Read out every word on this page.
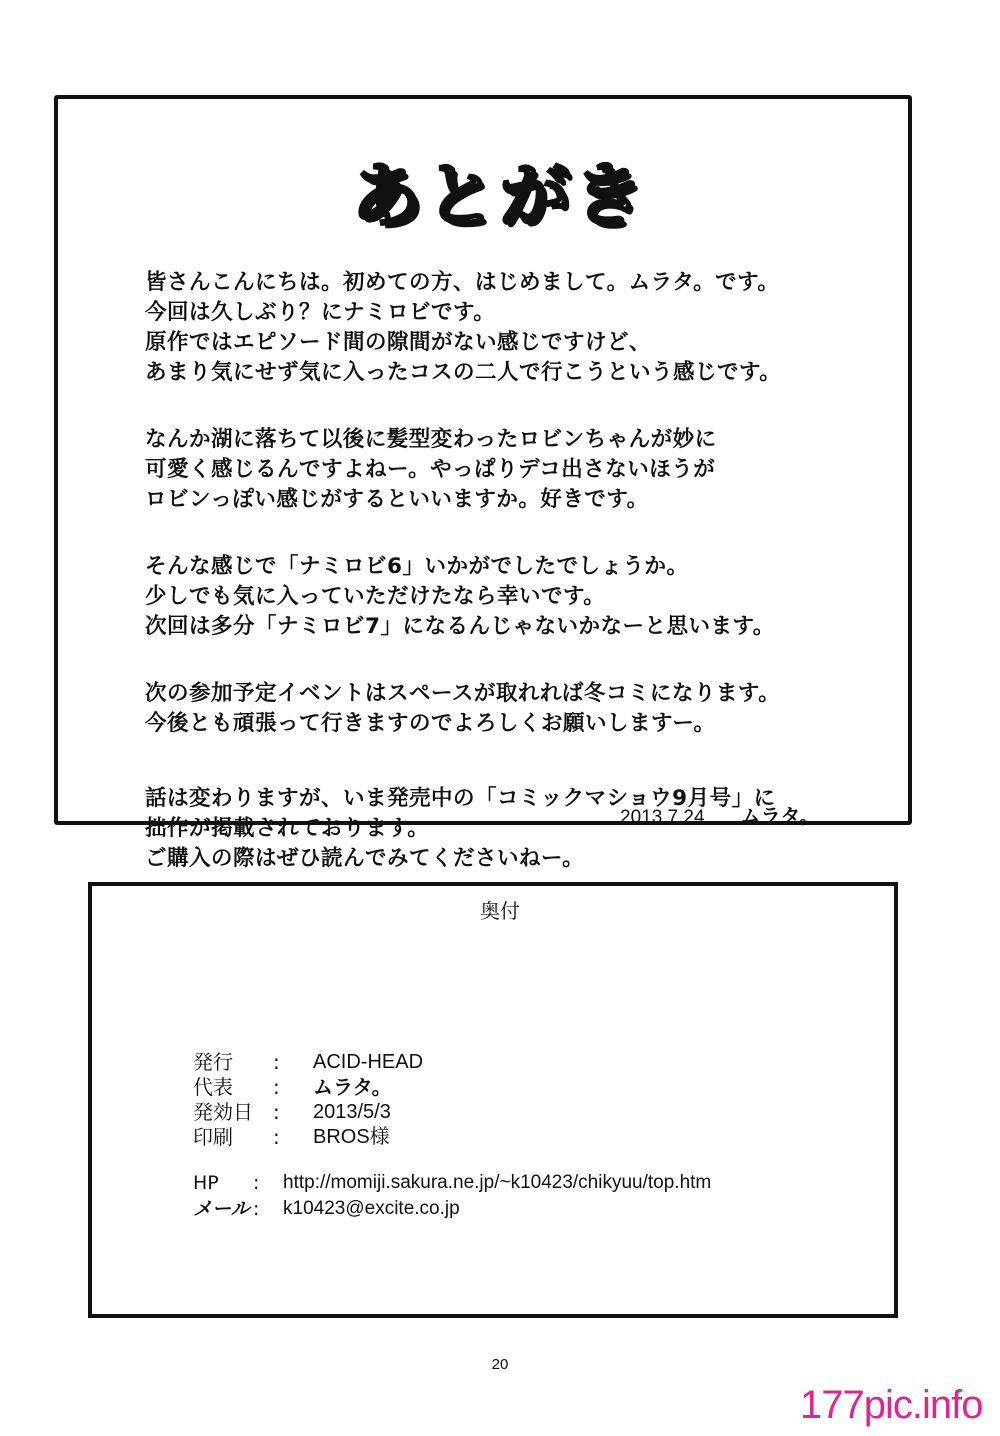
あとがき
皆さんこんにちは。初めての方、はじめまして。ムラタ。です。
今回は久しぶり？にナミロビです。
原作ではエピソード間の隙間がない感じですけど、
あまり気にせず気に入ったコスの二人で行こうという感じです。
なんか湖に落ちて以後に髪型変わったロビンちゃんが妙に
可愛く感じるんですよねー。やっぱりデコ出さないほうが
ロビンっぽい感じがするといいますか。好きです。
そんな感じで「ナミロビ6」いかがでしたでしょうか。
少しでも気に入っていただけたなら幸いです。
次回は多分「ナミロビ7」になるんじゃないかなーと思います。
次の参加予定イベントはスペースが取れれば冬コミになります。
今後とも頑張って行きますのでよろしくお願いしますー。
話は変わりますが、いま発売中の「コミックマショウ9月号」に
拙作が掲載されております。
ご購入の際はぜひ読んでみてくださいねー。
2013.7.24 ムラタ。
奥付
発行	:	ACID-HEAD
代表	:	ムラタ。
発効日	:	2013/5/3
印刷	:	BROS様
HP	:	http://momiji.sakura.ne.jp/~k10423/chikyuu/top.htm
メール :	k10423@excite.co.jp
20
177pic.info
